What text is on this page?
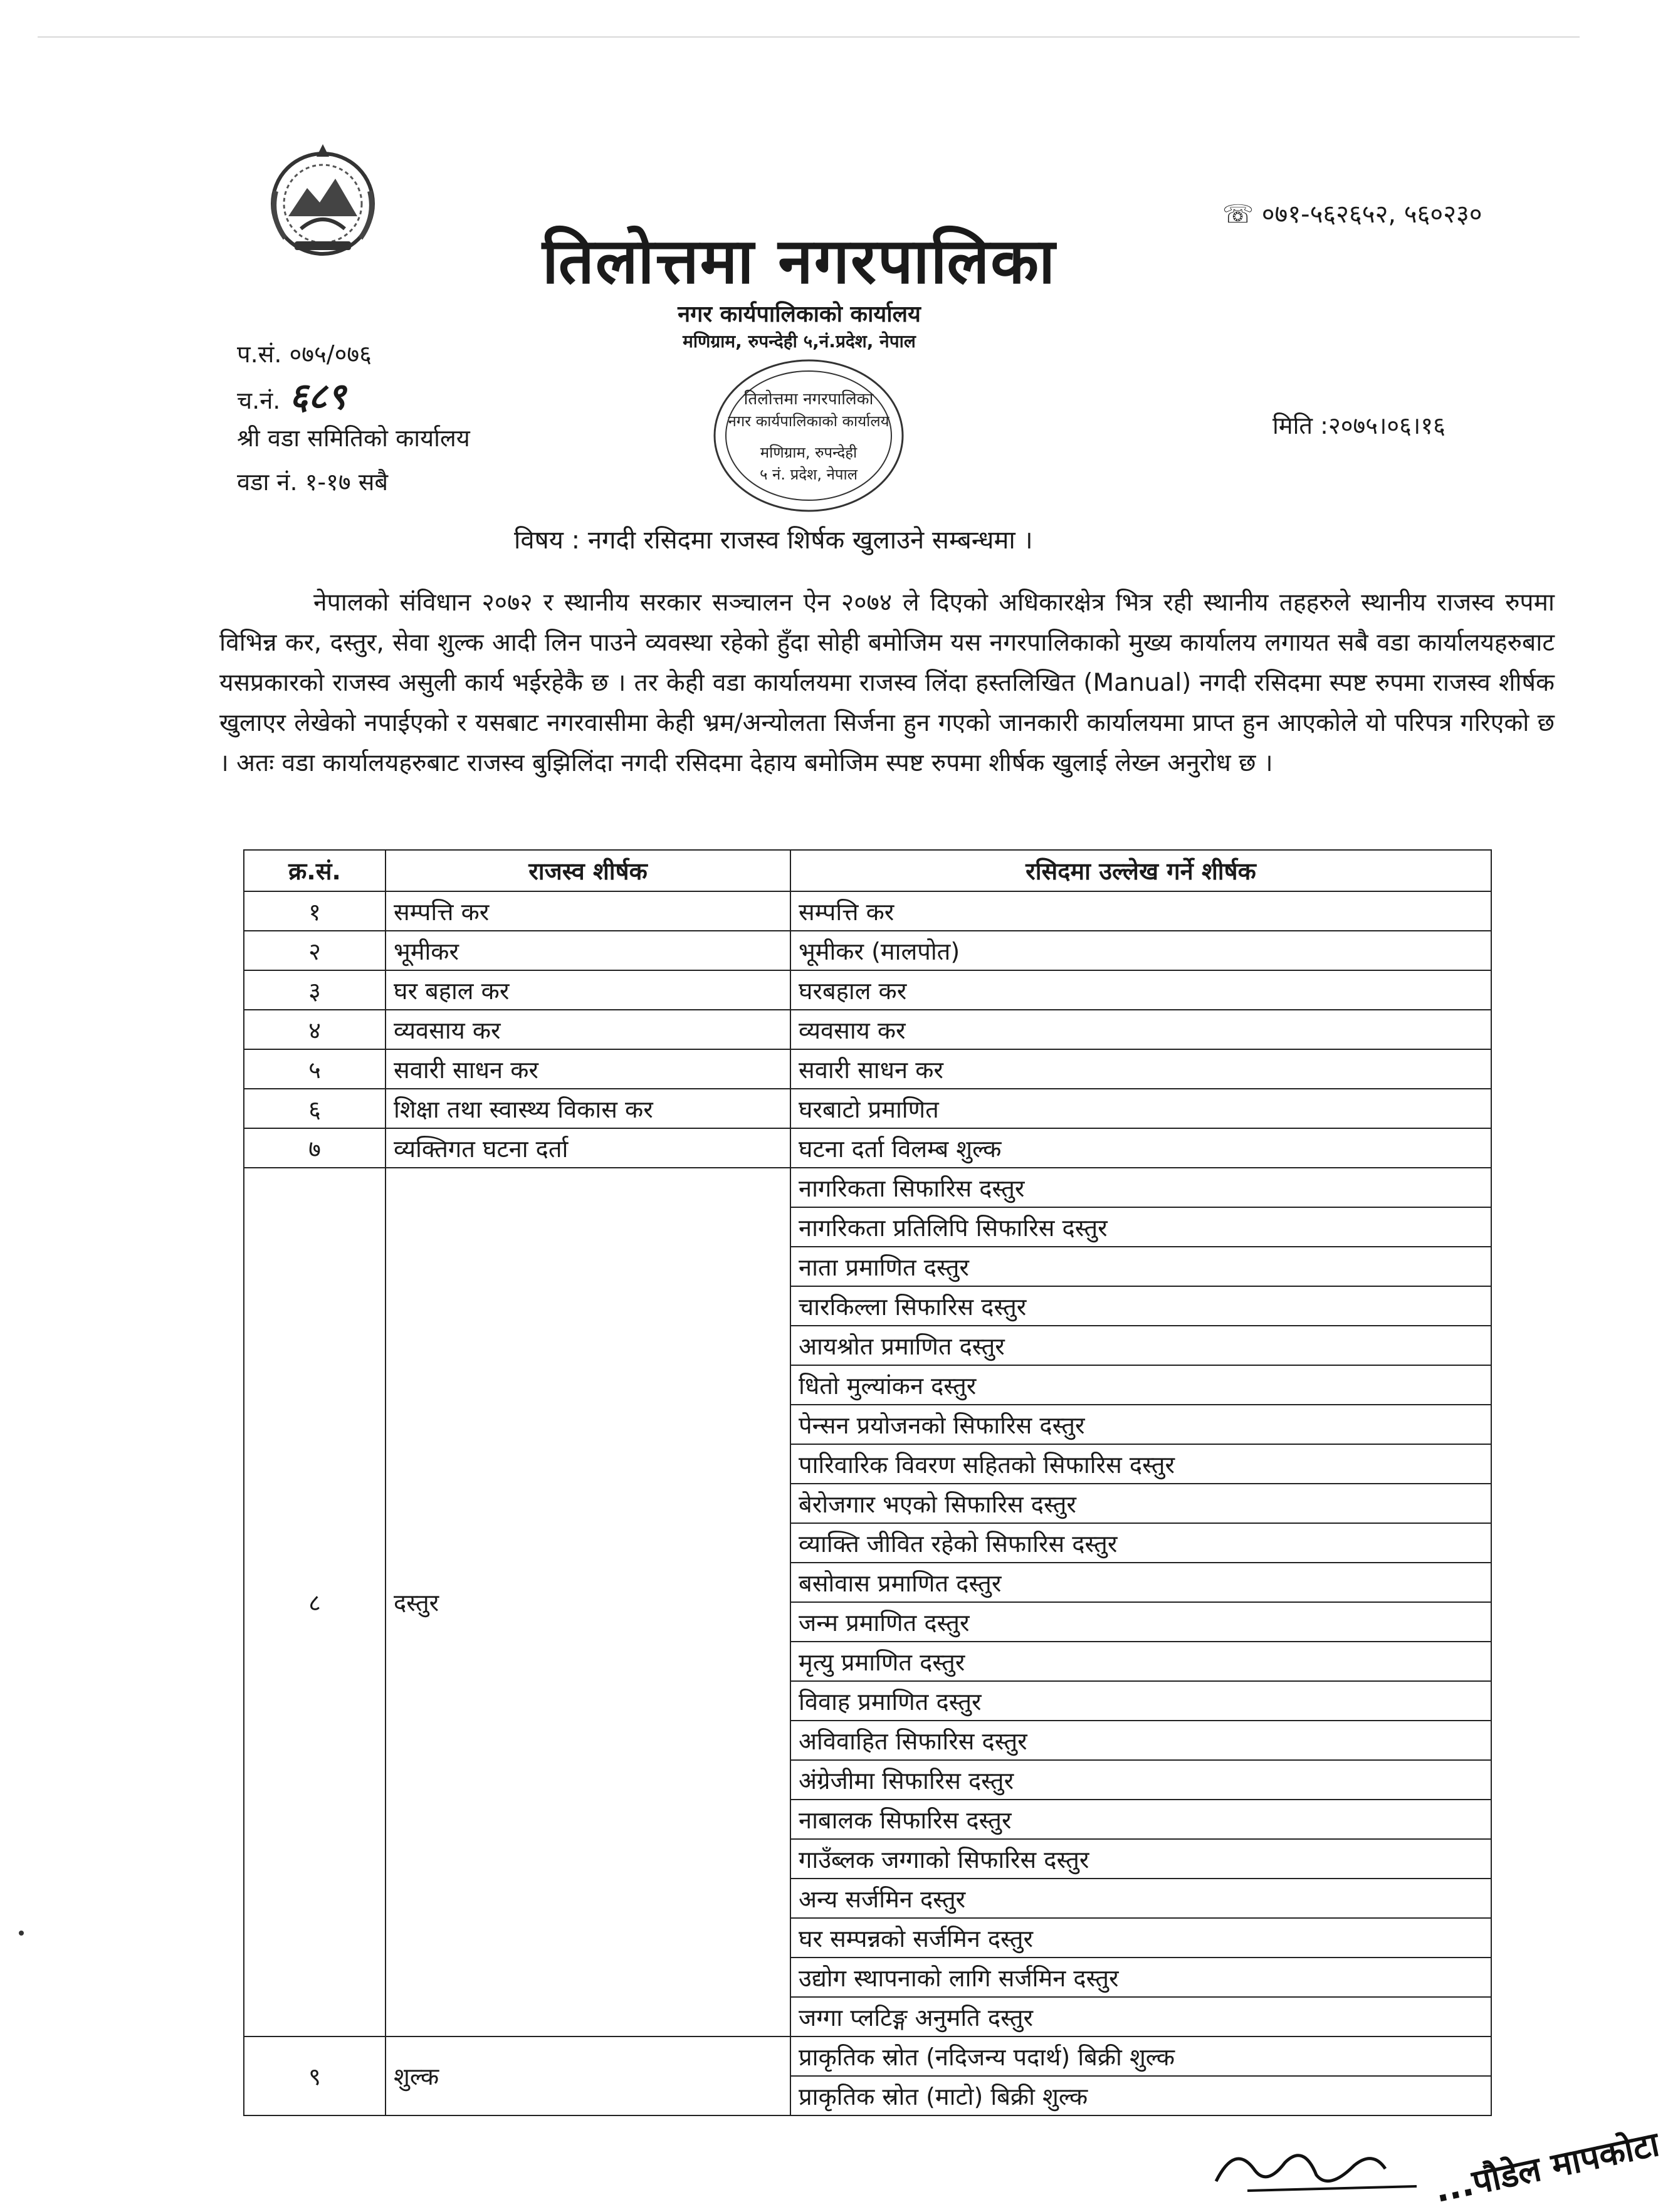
☏ ०७१-५६२६५२, ५६०२३०
तिलोत्तमा नगरपालिका
नगर कार्यपालिकाको कार्यालय
मणिग्राम, रुपन्देही ५,नं.प्रदेश, नेपाल
तिलोत्तमा नगरपालिका
नगर कार्यपालिकाको कार्यालय
मणिग्राम, रुपन्देही
५ नं. प्रदेश, नेपाल
प.सं. ०७५/०७६
च.नं. ६८९
श्री वडा समितिको कार्यालय
वडा नं. १-१७ सबै
मिति :२०७५।०६।१६
विषय : नगदी रसिदमा राजस्व शिर्षक खुलाउने सम्बन्धमा ।
नेपालको संविधान २०७२ र स्थानीय सरकार सञ्चालन ऐन २०७४ ले दिएको अधिकारक्षेत्र भित्र रही स्थानीय तहहरुले स्थानीय राजस्व रुपमा विभिन्न कर, दस्तुर, सेवा शुल्क आदी लिन पाउने व्यवस्था रहेको हुँदा सोही बमोजिम यस नगरपालिकाको मुख्य कार्यालय लगायत सबै वडा कार्यालयहरुबाट यसप्रकारको राजस्व असुली कार्य भईरहेकै छ । तर केही वडा कार्यालयमा राजस्व लिंदा हस्तलिखित (Manual) नगदी रसिदमा स्पष्ट रुपमा राजस्व शीर्षक खुलाएर लेखेको नपाईएको र यसबाट नगरवासीमा केही भ्रम/अन्योलता सिर्जना हुन गएको जानकारी कार्यालयमा प्राप्त हुन आएकोले यो परिपत्र गरिएको छ । अतः वडा कार्यालयहरुबाट राजस्व बुझिलिंदा नगदी रसिदमा देहाय बमोजिम स्पष्ट रुपमा शीर्षक खुलाई लेख्न अनुरोध छ ।
क्र.सं.	राजस्व शीर्षक	रसिदमा उल्लेख गर्ने शीर्षक
१	सम्पत्ति कर	सम्पत्ति कर
२	भूमीकर	भूमीकर (मालपोत)
३	घर बहाल कर	घरबहाल कर
४	व्यवसाय कर	व्यवसाय कर
५	सवारी साधन कर	सवारी साधन कर
६	शिक्षा तथा स्वास्थ्य विकास कर	घरबाटो प्रमाणित
७	व्यक्तिगत घटना दर्ता	घटना दर्ता विलम्ब शुल्क
८	दस्तुर	नागरिकता सिफारिस दस्तुर
		नागरिकता प्रतिलिपि सिफारिस दस्तुर
		नाता प्रमाणित दस्तुर
		चारकिल्ला सिफारिस दस्तुर
		आयश्रोत प्रमाणित दस्तुर
		धितो मुल्यांकन दस्तुर
		पेन्सन प्रयोजनको सिफारिस दस्तुर
		पारिवारिक विवरण सहितको सिफारिस दस्तुर
		बेरोजगार भएको सिफारिस दस्तुर
		व्याक्ति जीवित रहेको सिफारिस दस्तुर
		बसोवास प्रमाणित दस्तुर
		जन्म प्रमाणित दस्तुर
		मृत्यु प्रमाणित दस्तुर
		विवाह प्रमाणित दस्तुर
		अविवाहित सिफारिस दस्तुर
		अंग्रेजीमा सिफारिस दस्तुर
		नाबालक सिफारिस दस्तुर
		गाउँब्लक जग्गाको सिफारिस दस्तुर
		अन्य सर्जमिन दस्तुर
		घर सम्पन्नको सर्जमिन दस्तुर
		उद्योग स्थापनाको लागि सर्जमिन दस्तुर
		जग्गा प्लटिङ्ग अनुमति दस्तुर
९	शुल्क	प्राकृतिक स्रोत (नदिजन्य पदार्थ) बिक्री शुल्क
		प्राकृतिक स्रोत (माटो) बिक्री शुल्क
...पौडेल मापकोटा
